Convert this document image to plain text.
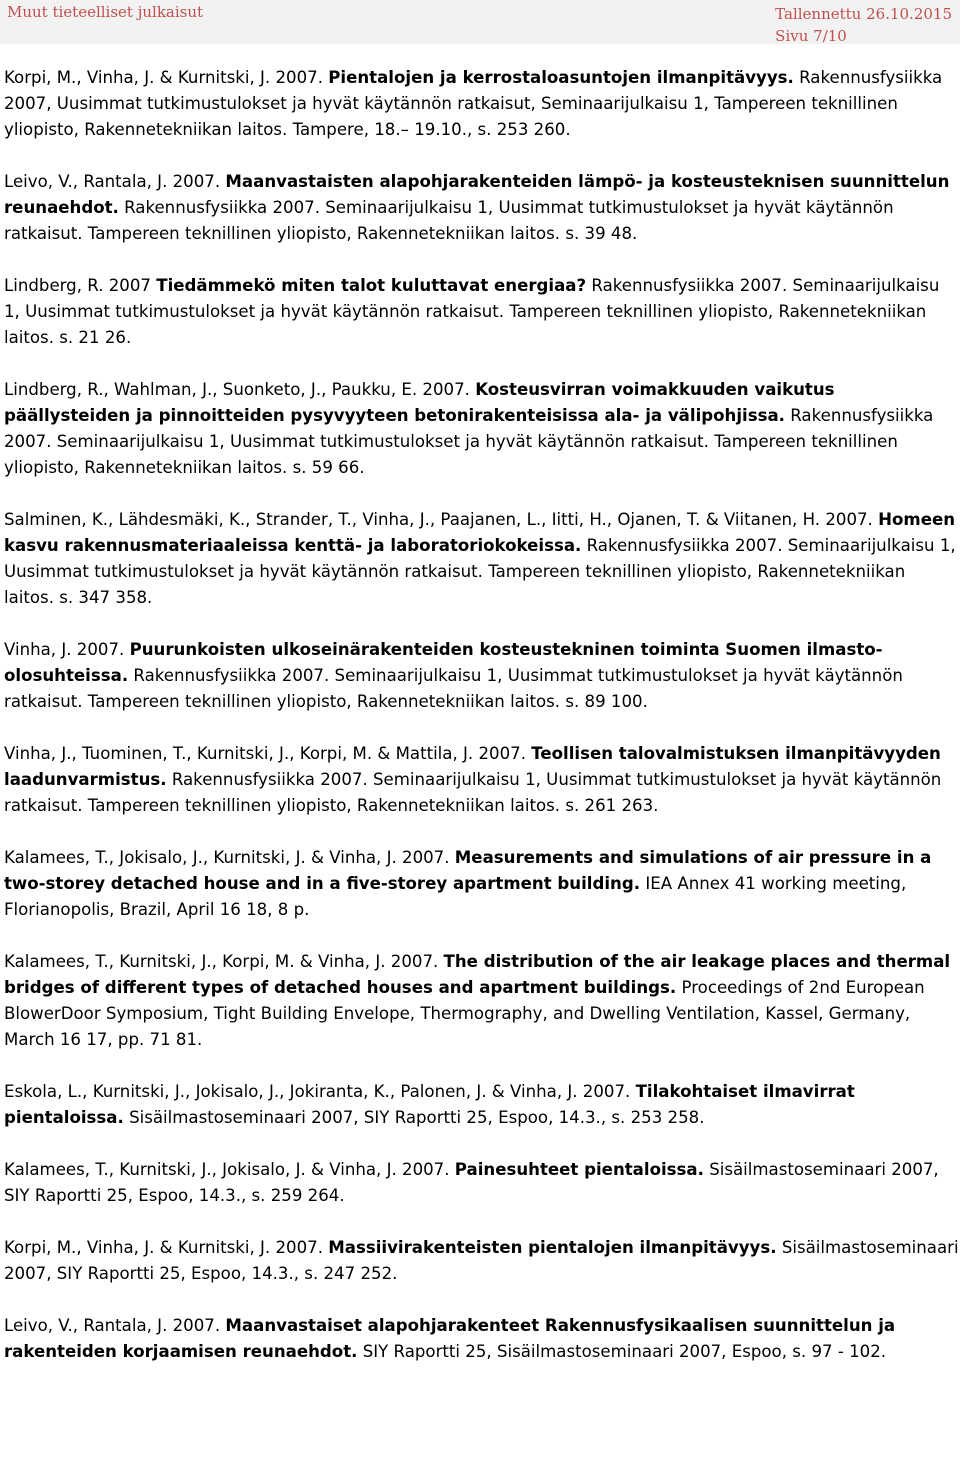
Muut tieteelliset julkaisut	Tallennettu 26.10.2015
Sivu 7/10

Korpi, M., Vinha, J. & Kurnitski, J. 2007. Pientalojen ja kerrostaloasuntojen ilmanpitävyys. Rakennusfysiikka 2007, Uusimmat tutkimustulokset ja hyvät käytännön ratkaisut, Seminaarijulkaisu 1, Tampereen teknillinen yliopisto, Rakennetekniikan laitos. Tampere, 18.– 19.10., s. 253 260.

Leivo, V., Rantala, J. 2007. Maanvastaisten alapohjarakenteiden lämpö- ja kosteusteknisen suunnittelun reunaehdot. Rakennusfysiikka 2007. Seminaarijulkaisu 1, Uusimmat tutkimustulokset ja hyvät käytännön ratkaisut. Tampereen teknillinen yliopisto, Rakennetekniikan laitos. s. 39 48.

Lindberg, R. 2007 Tiedämmekö miten talot kuluttavat energiaa? Rakennusfysiikka 2007. Seminaarijulkaisu 1, Uusimmat tutkimustulokset ja hyvät käytännön ratkaisut. Tampereen teknillinen yliopisto, Rakennetekniikan laitos. s. 21 26.

Lindberg, R., Wahlman, J., Suonketo, J., Paukku, E. 2007. Kosteusvirran voimakkuuden vaikutus päällysteiden ja pinnoitteiden pysyvyyteen betonirakenteisissa ala- ja välipohjissa. Rakennusfysiikka 2007. Seminaarijulkaisu 1, Uusimmat tutkimustulokset ja hyvät käytännön ratkaisut. Tampereen teknillinen yliopisto, Rakennetekniikan laitos. s. 59 66.

Salminen, K., Lähdesmäki, K., Strander, T., Vinha, J., Paajanen, L., Iitti, H., Ojanen, T. & Viitanen, H. 2007. Homeen kasvu rakennusmateriaaleissa kenttä- ja laboratoriokokeissa. Rakennusfysiikka 2007. Seminaarijulkaisu 1, Uusimmat tutkimustulokset ja hyvät käytännön ratkaisut. Tampereen teknillinen yliopisto, Rakennetekniikan laitos. s. 347 358.

Vinha, J. 2007. Puurunkoisten ulkoseinärakenteiden kosteustekninen toiminta Suomen ilmasto-olosuhteissa. Rakennusfysiikka 2007. Seminaarijulkaisu 1, Uusimmat tutkimustulokset ja hyvät käytännön ratkaisut. Tampereen teknillinen yliopisto, Rakennetekniikan laitos. s. 89 100.

Vinha, J., Tuominen, T., Kurnitski, J., Korpi, M. & Mattila, J. 2007. Teollisen talovalmistuksen ilmanpitävyyden laadunvarmistus. Rakennusfysiikka 2007. Seminaarijulkaisu 1, Uusimmat tutkimustulokset ja hyvät käytännön ratkaisut. Tampereen teknillinen yliopisto, Rakennetekniikan laitos. s. 261 263.

Kalamees, T., Jokisalo, J., Kurnitski, J. & Vinha, J. 2007. Measurements and simulations of air pressure in a two-storey detached house and in a five-storey apartment building. IEA Annex 41 working meeting, Florianopolis, Brazil, April 16 18, 8 p.

Kalamees, T., Kurnitski, J., Korpi, M. & Vinha, J. 2007. The distribution of the air leakage places and thermal bridges of different types of detached houses and apartment buildings. Proceedings of 2nd European BlowerDoor Symposium, Tight Building Envelope, Thermography, and Dwelling Ventilation, Kassel, Germany, March 16 17, pp. 71 81.

Eskola, L., Kurnitski, J., Jokisalo, J., Jokiranta, K., Palonen, J. & Vinha, J. 2007. Tilakohtaiset ilmavirrat pientaloissa. Sisäilmastoseminaari 2007, SIY Raportti 25, Espoo, 14.3., s. 253 258.

Kalamees, T., Kurnitski, J., Jokisalo, J. & Vinha, J. 2007. Painesuhteet pientaloissa. Sisäilmastoseminaari 2007, SIY Raportti 25, Espoo, 14.3., s. 259 264.

Korpi, M., Vinha, J. & Kurnitski, J. 2007. Massiivirakenteisten pientalojen ilmanpitävyys. Sisäilmastoseminaari 2007, SIY Raportti 25, Espoo, 14.3., s. 247 252.

Leivo, V., Rantala, J. 2007. Maanvastaiset alapohjarakenteet Rakennusfysikaalisen suunnittelun ja rakenteiden korjaamisen reunaehdot. SIY Raportti 25, Sisäilmastoseminaari 2007, Espoo, s. 97 - 102.
